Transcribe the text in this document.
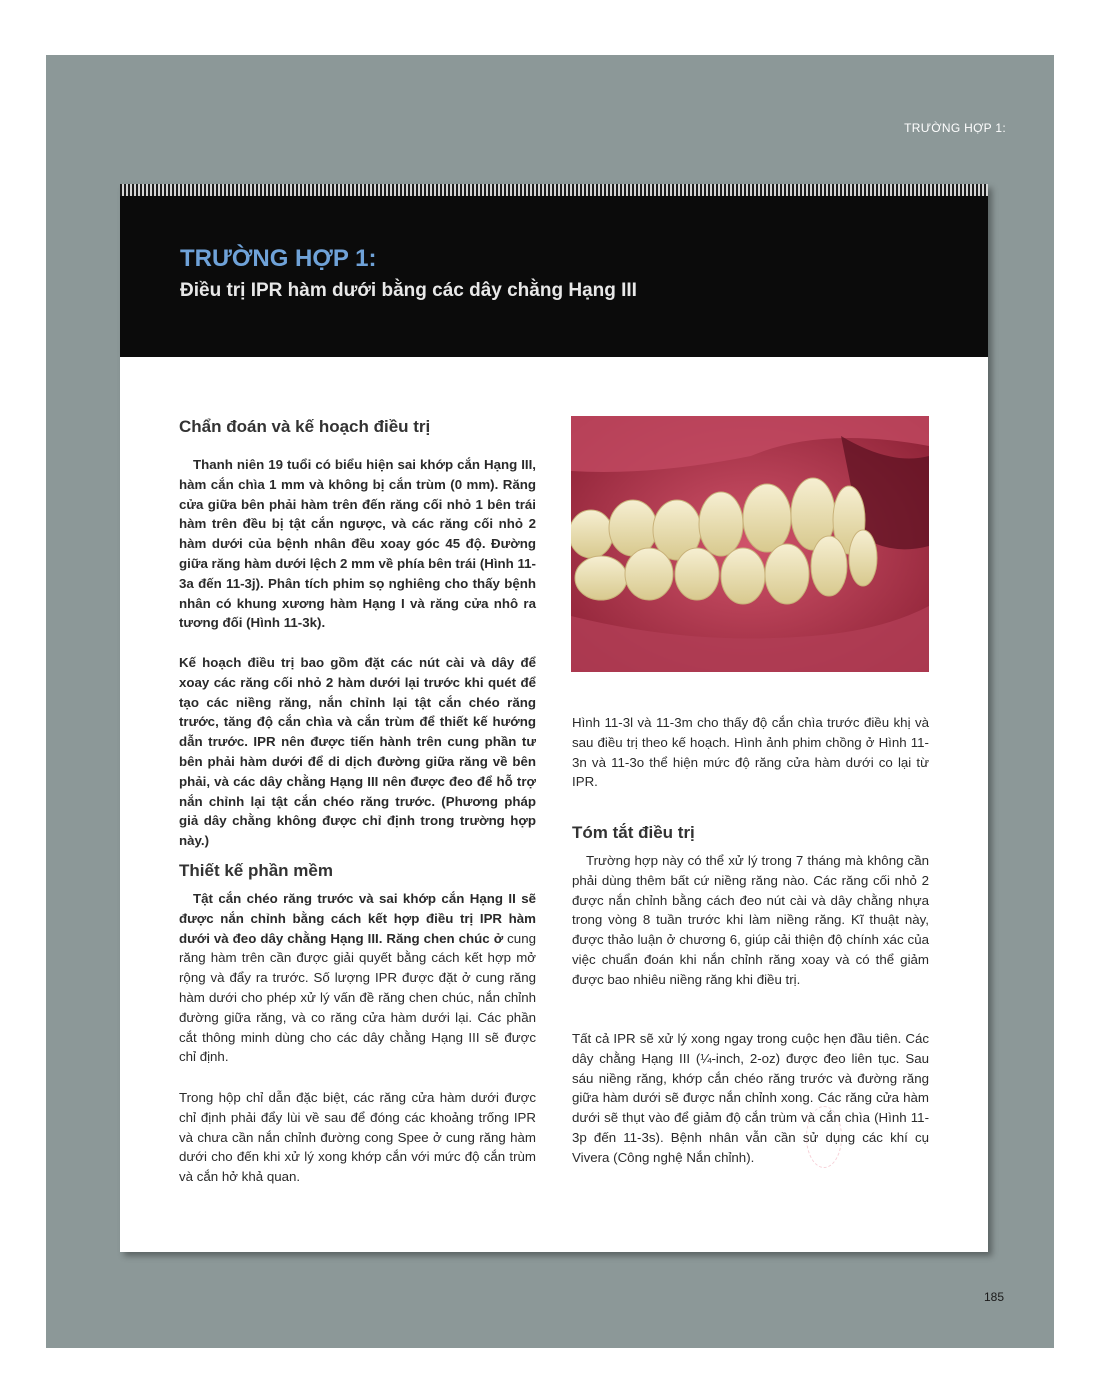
TRƯỜNG HỢP 1:
185
TRƯỜNG HỢP 1:
Điều trị IPR hàm dưới bằng các dây chằng Hạng III
Chẩn đoán và kế hoạch điều trị

Thanh niên 19 tuổi có biểu hiện sai khớp cắn Hạng III, hàm cắn chìa 1 mm và không bị cắn trùm (0 mm). Răng cửa giữa bên phải hàm trên đến răng cối nhỏ 1 bên trái hàm trên đều bị tật cắn ngược, và các răng cối nhỏ 2 hàm dưới của bệnh nhân đều xoay góc 45 độ. Đường giữa răng hàm dưới lệch 2 mm về phía bên trái (Hình 11-3a đến 11-3j). Phân tích phim sọ nghiêng cho thấy bệnh nhân có khung xương hàm Hạng I và răng cửa nhô ra tương đối (Hình 11-3k).

Kế hoạch điều trị bao gồm đặt các nút cài và dây để xoay các răng cối nhỏ 2 hàm dưới lại trước khi quét để tạo các niềng răng, nắn chỉnh lại tật cắn chéo răng trước, tăng độ cắn chìa và cắn trùm để thiết kế hướng dẫn trước. IPR nên được tiến hành trên cung phần tư bên phải hàm dưới để di dịch đường giữa răng về bên phải, và các dây chằng Hạng III nên được đeo để hỗ trợ nắn chỉnh lại tật cắn chéo răng trước. (Phương pháp giả dây chằng không được chỉ định trong trường hợp này.)

Thiết kế phần mềm

Tật cắn chéo răng trước và sai khớp cắn Hạng II sẽ được nắn chỉnh bằng cách kết hợp điều trị IPR hàm dưới và đeo dây chằng Hạng III. Răng chen chúc ở cung răng hàm trên cần được giải quyết bằng cách kết hợp mở rộng và đẩy ra trước. Số lượng IPR được đặt ở cung răng hàm dưới cho phép xử lý vấn đề răng chen chúc, nắn chỉnh đường giữa răng, và co răng cửa hàm dưới lại. Các phần cắt thông minh dùng cho các dây chằng Hạng III sẽ được chỉ định.

Trong hộp chỉ dẫn đặc biệt, các răng cửa hàm dưới được chỉ định phải đẩy lùi về sau để đóng các khoảng trống IPR và chưa cần nắn chỉnh đường cong Spee ở cung răng hàm dưới cho đến khi xử lý xong khớp cắn với mức độ cắn trùm và cắn hở khả quan.

Hình 11-3l và 11-3m cho thấy độ cắn chìa trước điều khị và sau điều trị theo kế hoạch. Hình ảnh phim chồng ở Hình 11-3n và 11-3o thể hiện mức độ răng cửa hàm dưới co lại từ IPR.

Tóm tắt điều trị

Trường hợp này có thể xử lý trong 7 tháng mà không cần phải dùng thêm bất cứ niềng răng nào. Các răng cối nhỏ 2 được nắn chỉnh bằng cách đeo nút cài và dây chằng nhựa trong vòng 8 tuần trước khi làm niềng răng. Kĩ thuật này, được thảo luận ở chương 6, giúp cải thiện độ chính xác của việc chuẩn đoán khi nắn chỉnh răng xoay và có thể giảm được bao nhiêu niềng răng khi điều trị.

Tất cả IPR sẽ xử lý xong ngay trong cuộc hẹn đầu tiên. Các dây chằng Hạng III (¼-inch, 2-oz) được đeo liên tục. Sau sáu niềng răng, khớp cắn chéo răng trước và đường răng giữa hàm dưới sẽ được nắn chỉnh xong. Các răng cửa hàm dưới sẽ thụt vào để giảm độ cắn trùm và cắn chìa (Hình 11-3p đến 11-3s). Bệnh nhân vẫn cần sử dụng các khí cụ Vivera (Công nghệ Nắn chỉnh).
